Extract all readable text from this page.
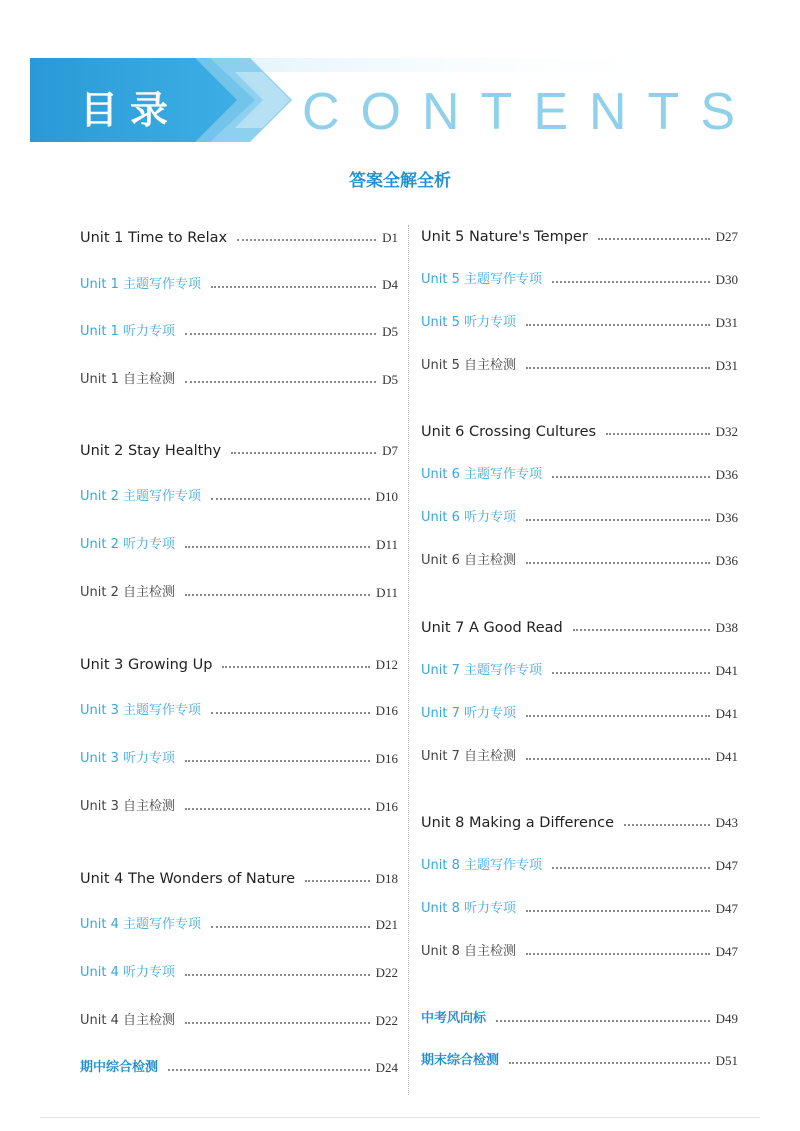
目录 CONTENTS
答案全解全析
Unit 1 Time to Relax	D1
Unit 1 主题写作专项	D4
Unit 1 听力专项	D5
Unit 1 自主检测	D5
Unit 2 Stay Healthy	D7
Unit 2 主题写作专项	D10
Unit 2 听力专项	D11
Unit 2 自主检测	D11
Unit 3 Growing Up	D12
Unit 3 主题写作专项	D16
Unit 3 听力专项	D16
Unit 3 自主检测	D16
Unit 4 The Wonders of Nature	D18
Unit 4 主题写作专项	D21
Unit 4 听力专项	D22
Unit 4 自主检测	D22
期中综合检测	D24
Unit 5 Nature's Temper	D27
Unit 5 主题写作专项	D30
Unit 5 听力专项	D31
Unit 5 自主检测	D31
Unit 6 Crossing Cultures	D32
Unit 6 主题写作专项	D36
Unit 6 听力专项	D36
Unit 6 自主检测	D36
Unit 7 A Good Read	D38
Unit 7 主题写作专项	D41
Unit 7 听力专项	D41
Unit 7 自主检测	D41
Unit 8 Making a Difference	D43
Unit 8 主题写作专项	D47
Unit 8 听力专项	D47
Unit 8 自主检测	D47
中考风向标	D49
期末综合检测	D51
